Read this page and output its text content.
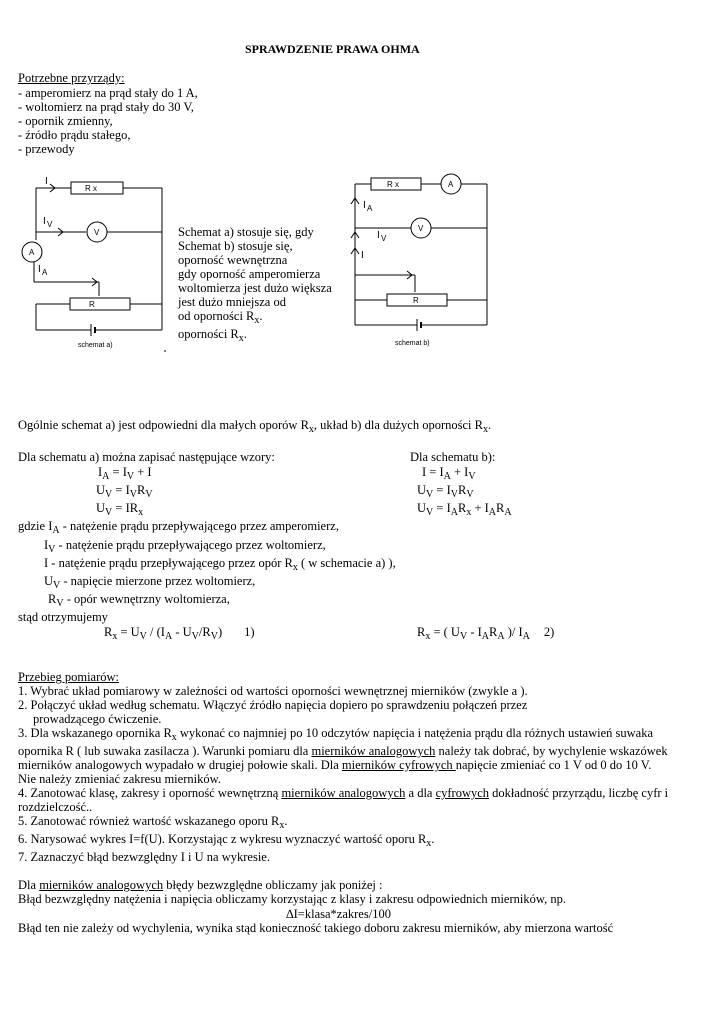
SPRAWDZENIE PRAWA OHMA
Potrzebne przyrządy:
- amperomierz na prąd stały do 1 A,
- woltomierz na prąd stały do 30 V,
- opornik zmienny,
- źródło prądu stałego,
- przewody
I
R x
I V
V
A
I A
R
schemat a)
Schemat a) stosuje się, gdy
Schemat b) stosuje się,
oporność wewnętrzna
gdy oporność amperomierza
woltomierza jest dużo większa
jest dużo mniejsza od
od oporności $R_x$.
oporności $R_x$.
R x	A
I A
V
I V
I
R
schemat b)
Ogólnie schemat a) jest odpowiedni dla małych oporów $R_x$, układ b) dla dużych oporności $R_x$.
Dla schematu a) można zapisać następujące wzory:
$I_A = I_V + I$
$U_V = I_VR_V$
$U_V = IR_x$
Dla schematu b):
$I = I_A + I_V$
$U_V = I_VR_V$
$U_V = I_AR_x + I_AR_A$
gdzie $I_A$ - natężenie prądu przepływającego przez amperomierz,
$I_V$ - natężenie prądu przepływającego przez woltomierz,
I - natężenie prądu przepływającego przez opór $R_x$ ( w schemacie a) ),
$U_V$ - napięcie mierzone przez woltomierz,
$R_V$ - opór wewnętrzny woltomierza,
stąd otrzymujemy
$R_x = U_V / (I_A - U_V/R_V)$ 1)	$R_x$ = ( $U_V - I_AR_A$ )/ $I_A$ 2)
Przebieg pomiarów:
1. Wybrać układ pomiarowy w zależności od wartości oporności wewnętrznej mierników (zwykle a ).
2. Połączyć układ według schematu. Włączyć źródło napięcia dopiero po sprawdzeniu połączeń przez
prowadzącego ćwiczenie.
3. Dla wskazanego opornika $R_x$ wykonać co najmniej po 10 odczytów napięcia i natężenia prądu dla różnych ustawień suwaka
opornika R ( lub suwaka zasilacza ). Warunki pomiaru dla mierników analogowych należy tak dobrać, by wychylenie wskazówek
mierników analogowych wypadało w drugiej połowie skali. Dla mierników cyfrowych napięcie zmieniać co 1 V od 0 do 10 V.
Nie należy zmieniać zakresu mierników.
4. Zanotować klasę, zakresy i oporność wewnętrzną mierników analogowych a dla cyfrowych dokładność przyrządu, liczbę cyfr i
rozdzielczość..
5. Zanotować również wartość wskazanego oporu $R_x$.
6. Narysować wykres I=f(U). Korzystając z wykresu wyznaczyć wartość oporu $R_x$.
7. Zaznaczyć błąd bezwzględny I i U na wykresie.
Dla mierników analogowych błędy bezwzględne obliczamy jak poniżej :
Błąd bezwzględny natężenia i napięcia obliczamy korzystając z klasy i zakresu odpowiednich mierników, np.
∆I=klasa*zakres/100
Błąd ten nie zależy od wychylenia, wynika stąd konieczność takiego doboru zakresu mierników, aby mierzona wartość
